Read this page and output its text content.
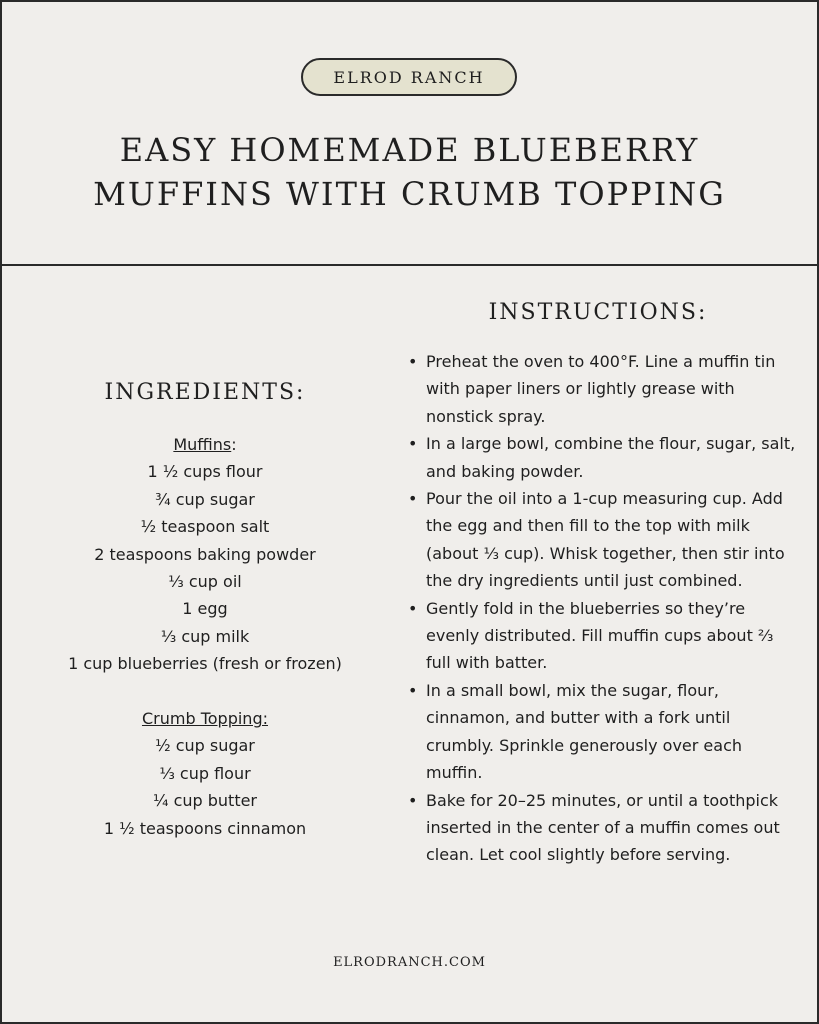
ELROD RANCH
EASY HOMEMADE BLUEBERRY
MUFFINS WITH CRUMB TOPPING
INGREDIENTS:
Muffins:
1 ½ cups flour
¾ cup sugar
½ teaspoon salt
2 teaspoons baking powder
⅓ cup oil
1 egg
⅓ cup milk
1 cup blueberries (fresh or frozen)
Crumb Topping:
½ cup sugar
⅓ cup flour
¼ cup butter
1 ½ teaspoons cinnamon
INSTRUCTIONS:
• Preheat the oven to 400°F. Line a muffin tin with paper liners or lightly grease with nonstick spray.
• In a large bowl, combine the flour, sugar, salt, and baking powder.
• Pour the oil into a 1-cup measuring cup. Add the egg and then fill to the top with milk (about ⅓ cup). Whisk together, then stir into the dry ingredients until just combined.
• Gently fold in the blueberries so they’re evenly distributed. Fill muffin cups about ⅔ full with batter.
• In a small bowl, mix the sugar, flour, cinnamon, and butter with a fork until crumbly. Sprinkle generously over each muffin.
• Bake for 20–25 minutes, or until a toothpick inserted in the center of a muffin comes out clean. Let cool slightly before serving.
ELRODRANCH.COM
